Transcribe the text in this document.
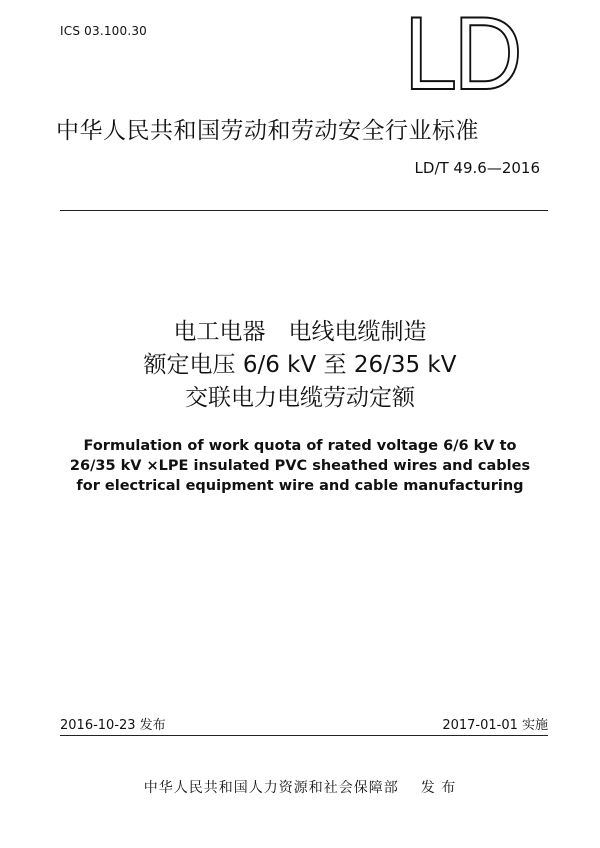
ICS 03.100.30 LD
中华人民共和国劳动和劳动安全行业标准
LD/T 49.6—2016
电工电器　电线电缆制造
额定电压 6/6 kV 至 26/35 kV
交联电力电缆劳动定额
Formulation of work quota of rated voltage 6/6 kV to
26/35 kV ×LPE insulated PVC sheathed wires and cables
for electrical equipment wire and cable manufacturing
2016-10-23 发布	2017-01-01 实施
中华人民共和国人力资源和社会保障部 发 布
